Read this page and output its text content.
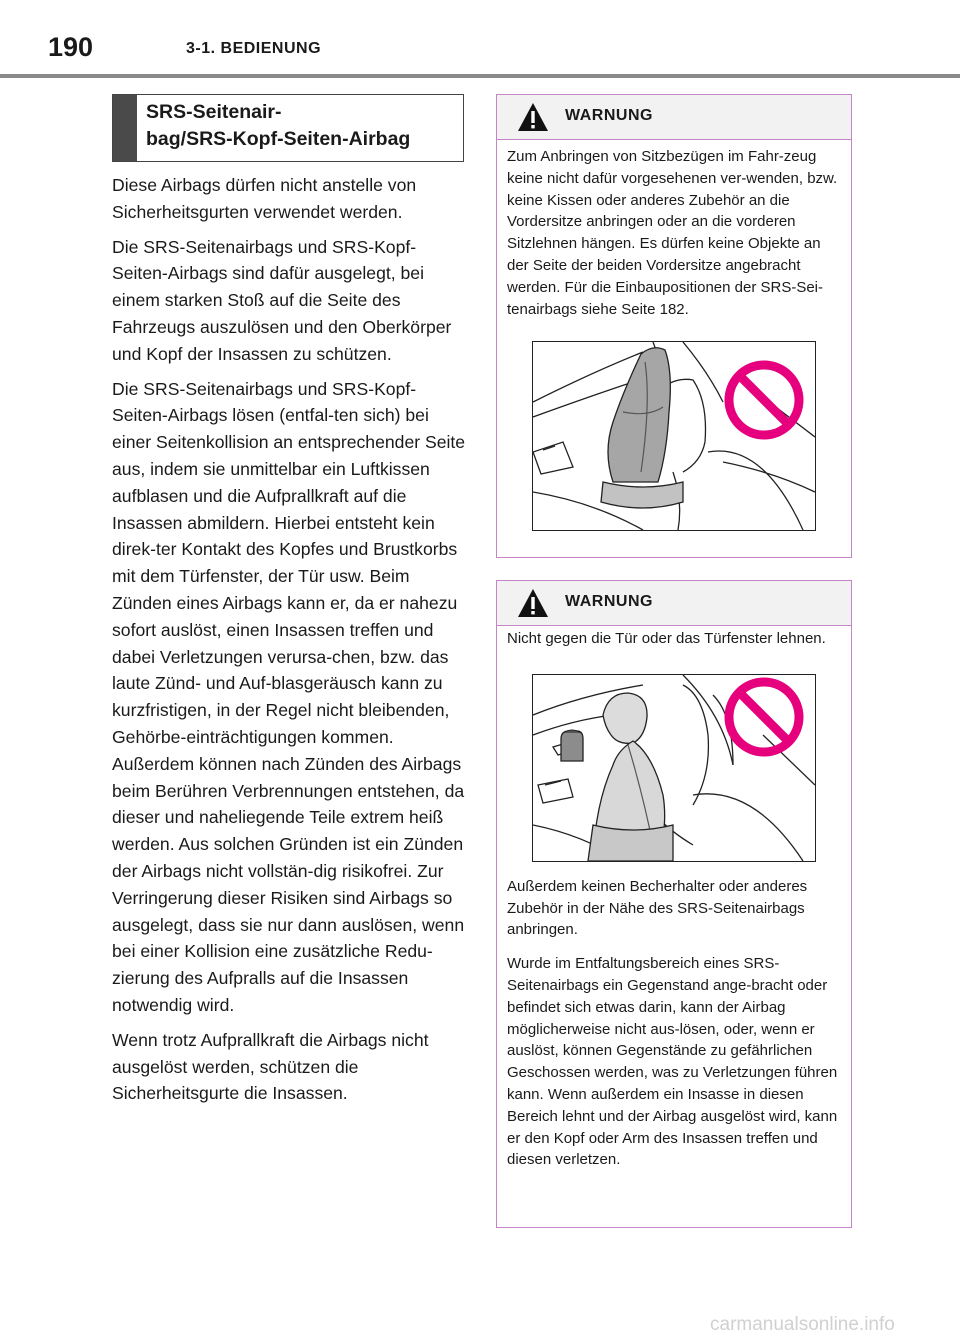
190	3-1. BEDIENUNG
SRS-Seitenair-
bag/SRS-Kopf-Seiten-Airbag

Diese Airbags dürfen nicht anstelle von Sicherheitsgurten verwendet werden.

Die SRS-Seitenairbags und SRS-Kopf-Seiten-Airbags sind dafür ausgelegt, bei einem starken Stoß auf die Seite des Fahrzeugs auszulösen und den Oberkörper und Kopf der Insassen zu schützen.

Die SRS-Seitenairbags und SRS-Kopf-Seiten-Airbags lösen (entfal-ten sich) bei einer Seitenkollision an entsprechender Seite aus, indem sie unmittelbar ein Luftkissen aufblasen und die Aufprallkraft auf die Insassen abmildern. Hierbei entsteht kein direk-ter Kontakt des Kopfes und Brustkorbs mit dem Türfenster, der Tür usw. Beim Zünden eines Airbags kann er, da er nahezu sofort auslöst, einen Insassen treffen und dabei Verletzungen verursa-chen, bzw. das laute Zünd- und Auf-blasgeräusch kann zu kurzfristigen, in der Regel nicht bleibenden, Gehörbe-einträchtigungen kommen. Außerdem können nach Zünden des Airbags beim Berühren Verbrennungen entstehen, da dieser und naheliegende Teile extrem heiß werden. Aus solchen Gründen ist ein Zünden der Airbags nicht vollstän-dig risikofrei. Zur Verringerung dieser Risiken sind Airbags so ausgelegt, dass sie nur dann auslösen, wenn bei einer Kollision eine zusätzliche Redu-zierung des Aufpralls auf die Insassen notwendig wird.

Wenn trotz Aufprallkraft die Airbags nicht ausgelöst werden, schützen die Sicherheitsgurte die Insassen.

WARNUNG

Zum Anbringen von Sitzbezügen im Fahr-zeug keine nicht dafür vorgesehenen ver-wenden, bzw. keine Kissen oder anderes Zubehör an die Vordersitze anbringen oder an die vorderen Sitzlehnen hängen. Es dürfen keine Objekte an der Seite der beiden Vordersitze angebracht werden. Für die Einbaupositionen der SRS-Sei-tenairbags siehe Seite 182.

WARNUNG

Nicht gegen die Tür oder das Türfenster lehnen.

Außerdem keinen Becherhalter oder anderes Zubehör in der Nähe des SRS-Seitenairbags anbringen.

Wurde im Entfaltungsbereich eines SRS-Seitenairbags ein Gegenstand ange-bracht oder befindet sich etwas darin, kann der Airbag möglicherweise nicht aus-lösen, oder, wenn er auslöst, können Gegenstände zu gefährlichen Geschossen werden, was zu Verletzungen führen kann. Wenn außerdem ein Insasse in diesen Bereich lehnt und der Airbag ausgelöst wird, kann er den Kopf oder Arm des Insassen treffen und diesen verletzen.

carmanualsonline.info
